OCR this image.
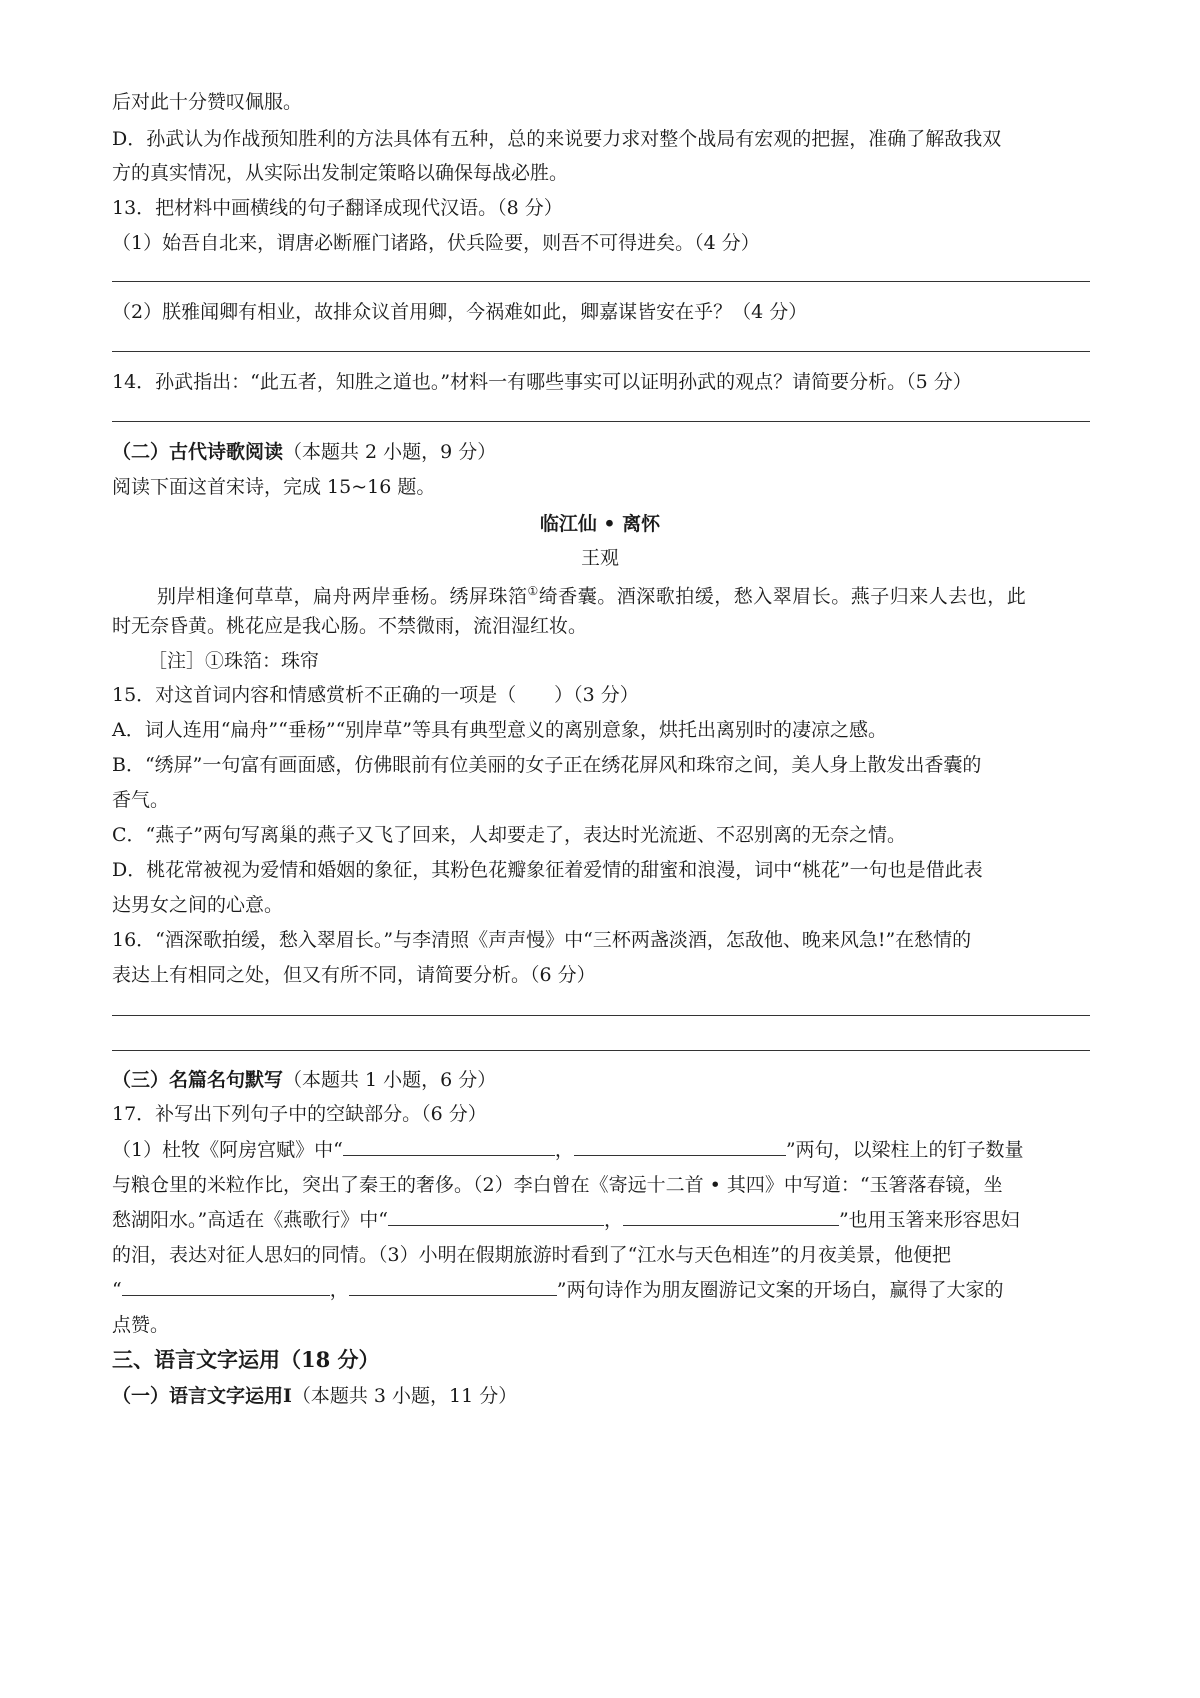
后对此十分赞叹佩服。
D．孙武认为作战预知胜利的方法具体有五种，总的来说要力求对整个战局有宏观的把握，准确了解敌我双
方的真实情况，从实际出发制定策略以确保每战必胜。
13．把材料中画横线的句子翻译成现代汉语。（8 分）
（1）始吾自北来，谓唐必断雁门诸路，伏兵险要，则吾不可得进矣。（4 分）
（2）朕雅闻卿有相业，故排众议首用卿，今祸难如此，卿嘉谋皆安在乎？（4 分）
14．孙武指出：“此五者，知胜之道也。”材料一有哪些事实可以证明孙武的观点？请简要分析。（5 分）
（二）古代诗歌阅读（本题共 2 小题，9 分）
阅读下面这首宋诗，完成 15~16 题。
临江仙 • 离怀
王观
别岸相逢何草草，扁舟两岸垂杨。绣屏珠箔①绮香囊。酒深歌拍缓，愁入翠眉长。燕子归来人去也，此
时无奈昏黄。桃花应是我心肠。不禁微雨，流泪湿红妆。
［注］①珠箔：珠帘
15．对这首词内容和情感赏析不正确的一项是（　　）（3 分）
A．词人连用“扁舟”“垂杨”“别岸草”等具有典型意义的离别意象，烘托出离别时的凄凉之感。
B．“绣屏”一句富有画面感，仿佛眼前有位美丽的女子正在绣花屏风和珠帘之间，美人身上散发出香囊的
香气。
C．“燕子”两句写离巢的燕子又飞了回来，人却要走了，表达时光流逝、不忍别离的无奈之情。
D．桃花常被视为爱情和婚姻的象征，其粉色花瓣象征着爱情的甜蜜和浪漫，词中“桃花”一句也是借此表
达男女之间的心意。
16．“酒深歌拍缓，愁入翠眉长。”与李清照《声声慢》中“三杯两盏淡酒，怎敌他、晚来风急!”在愁情的
表达上有相同之处，但又有所不同，请简要分析。（6 分）
（三）名篇名句默写（本题共 1 小题，6 分）
17．补写出下列句子中的空缺部分。（6 分）
（1）杜牧《阿房宫赋》中“	，	”两句，以梁柱上的钉子数量
与粮仓里的米粒作比，突出了秦王的奢侈。（2）李白曾在《寄远十二首 • 其四》中写道：“玉箸落春镜，坐
愁湖阳水。”高适在《燕歌行》中“	，	”也用玉箸来形容思妇
的泪，表达对征人思妇的同情。（3）小明在假期旅游时看到了“江水与天色相连”的月夜美景，他便把
“	，	”两句诗作为朋友圈游记文案的开场白，赢得了大家的
点赞。
三、语言文字运用（18 分）
（一）语言文字运用Ⅰ（本题共 3 小题，11 分）
